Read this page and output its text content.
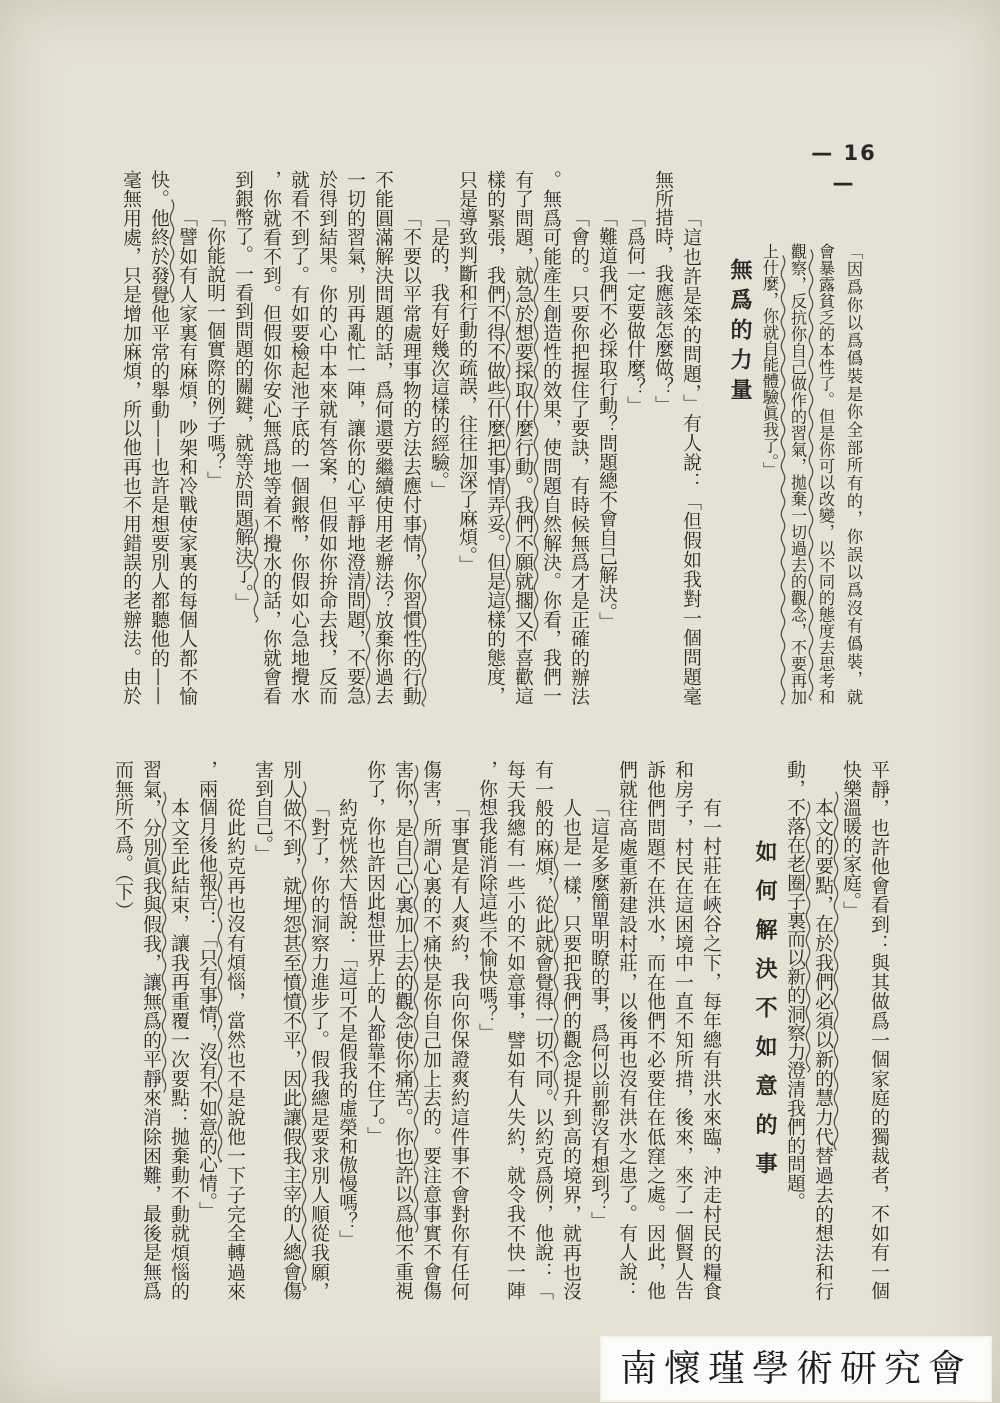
— 16 —
「因爲你以爲僞裝是你全部所有的，你誤以爲沒有僞裝，就
會暴露貧乏的本性了。但是你可以改變，以不同的態度去思考和
觀察，反抗你自己做作的習氣，拋棄一切過去的觀念，不要再加
上什麼，你就自能體驗眞我了。」
無爲的力量
「這也許是笨的問題，」有人說：「但假如我對一個問題毫
無所措時，我應該怎麼做？」
「爲何一定要做什麼？」
「難道我們不必採取行動？問題總不會自己解決。」
「會的。只要你把握住了要訣，有時候無爲才是正確的辦法
。無爲可能產生創造性的效果，使問題自然解決。你看，我們一
有了問題，就急於想要採取什麼行動。我們不願就擱又不喜歡這
樣的緊張，我們不得不做些什麼把事情弄妥。但是這樣的態度，
只是導致判斷和行動的疏誤，往往加深了麻煩。」
「是的，我有好幾次這樣的經驗。」
「不要以平常處理事物的方法去應付事情，你習慣性的行動
不能圓滿解決問題的話，爲何還要繼續使用老辦法？放棄你過去
一切的習氣，別再亂忙一陣，讓你的心平靜地澄清問題，不要急
於得到結果。你的心中本來就有答案，但假如你拚命去找，反而
就看不到了。有如要檢起池子底的一個銀幣，你假如心急地攪水
，你就看不到。但假如你安心無爲地等着不攪水的話，你就會看
到銀幣了。一看到問題的關鍵，就等於問題解決了。」
「你能說明一個實際的例子嗎？」
「譬如有人家裏有麻煩，吵架和冷戰使家裏的每個人都不愉
快。他終於發覺他平常的舉動——也許是想要別人都聽他的——
毫無用處，只是增加麻煩，所以他再也不用錯誤的老辦法。由於
平靜，也許他會看到：與其做爲一個家庭的獨裁者，不如有一個
快樂溫暖的家庭。」
本文的要點，在於我們必須以新的慧力代替過去的想法和行
動，不落在老圈子裏而以新的洞察力澄清我們的問題。
如何解決不如意的事
有一村莊在峽谷之下，每年總有洪水來臨，沖走村民的糧食
和房子，村民在這困境中一直不知所措，後來，來了一個賢人告
訴他們問題不在洪水，而在他們不必要住在低窪之處。因此，他
們就往高處重新建設村莊，以後再也沒有洪水之患了。有人說：
「這是多麼簡單明瞭的事，爲何以前都沒有想到？」
人也是一樣，只要把我們的觀念提升到高的境界，就再也沒
有一般的麻煩，從此就會覺得一切不同。以約克爲例，他說：「
每天我總有一些小的不如意事，譬如有人失約，就令我不快一陣
，你想我能消除這些不愉快嗎？」
「事實是有人爽約，我向你保證爽約這件事不會對你有任何
傷害，所謂心裏的不痛快是你自己加上去的。要注意事實不會傷
害你，是自己心裏加上去的觀念使你痛苦。你也許以爲他不重視
你了，你也許因此想世界上的人都靠不住了。」
約克恍然大悟說：「這可不是假我的虛榮和傲慢嗎？」
「對了，你的洞察力進步了。假我總是要求別人順從我願，
別人做不到，就埋怨甚至憤憤不平，因此讓假我主宰的人總會傷
害到自己。」
從此約克再也沒有煩惱，當然也不是說他一下子完全轉過來
，兩個月後他報告：「只有事情，沒有不如意的心情。」
本文至此結束，讓我再重覆一次要點：拋棄動不動就煩惱的
習氣，分別眞我與假我，讓無爲的平靜來消除困難，最後是無爲
而無所不爲。（下）
南懷瑾學術研究會
